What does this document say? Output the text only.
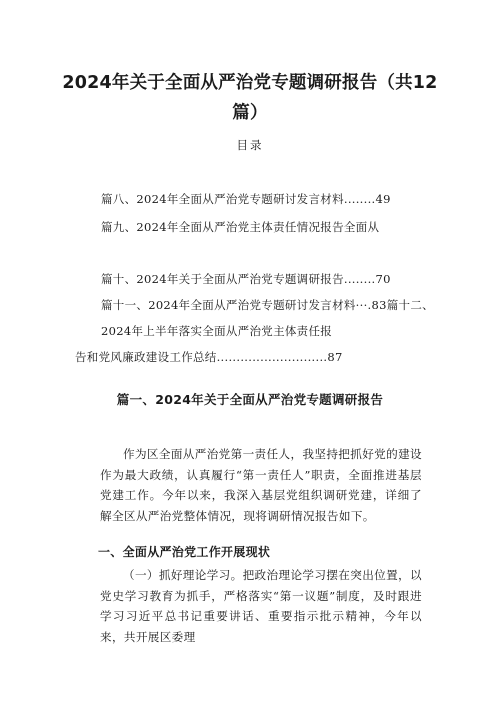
2024年关于全面从严治党专题调研报告（共12篇）
目录
篇八、2024年全面从严治党专题研讨发言材料........49
篇九、2024年全面从严治党主体责任情况报告全面从
篇十、2024年关于全面从严治党专题调研报告........70
篇十一、2024年全面从严治党专题研讨发言材料···.83篇十二、
2024年上半年落实全面从严治党主体责任报
告和党风廉政建设工作总结............................87
篇一、2024年关于全面从严治党专题调研报告
作为区全面从严治党第一责任人，我坚持把抓好党的建设作为最大政绩，认真履行“第一责任人”职责，全面推进基层党建工作。今年以来，我深入基层党组织调研党建，详细了解全区从严治党整体情况，现将调研情况报告如下。
一、全面从严治党工作开展现状
（一）抓好理论学习。把政治理论学习摆在突出位置，以党史学习教育为抓手，严格落实“第一议题”制度，及时跟进学习习近平总书记重要讲话、重要指示批示精神，今年以来，共开展区委理
